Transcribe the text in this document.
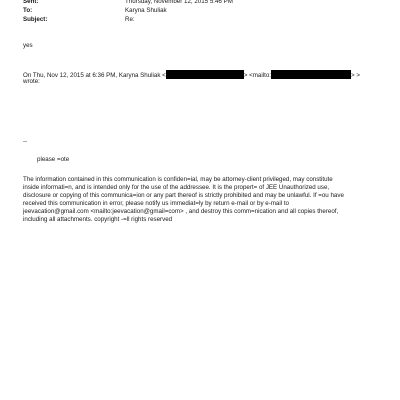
Sent:	Thursday, November 12, 2015 5:46 PM
To:	Karyna Shuliak
Subject:	Re:
yes
On Thu, Nov 12, 2015 at 6:36 PM, Karyna Shuliak <	> <mailto:	> >
wrote:
--
please =ote
The information contained in this communication is confiden=ial, may be attorney-client privileged, may constitute
inside informati=n, and is intended only for the use of the addressee. It is the propert= of JEE Unauthorized use,
disclosure or copying of this communica=ion or any part thereof is strictly prohibited and may be unlawful. If =ou have
received this communication in error, please notify us immediat=ly by return e-mail or by e-mail to
jeevacation@gmail.com <mailto:jeevacation@gmail=com> , and destroy this comm=nication and all copies thereof,
including all attachments. copyright -=ll rights reserved
